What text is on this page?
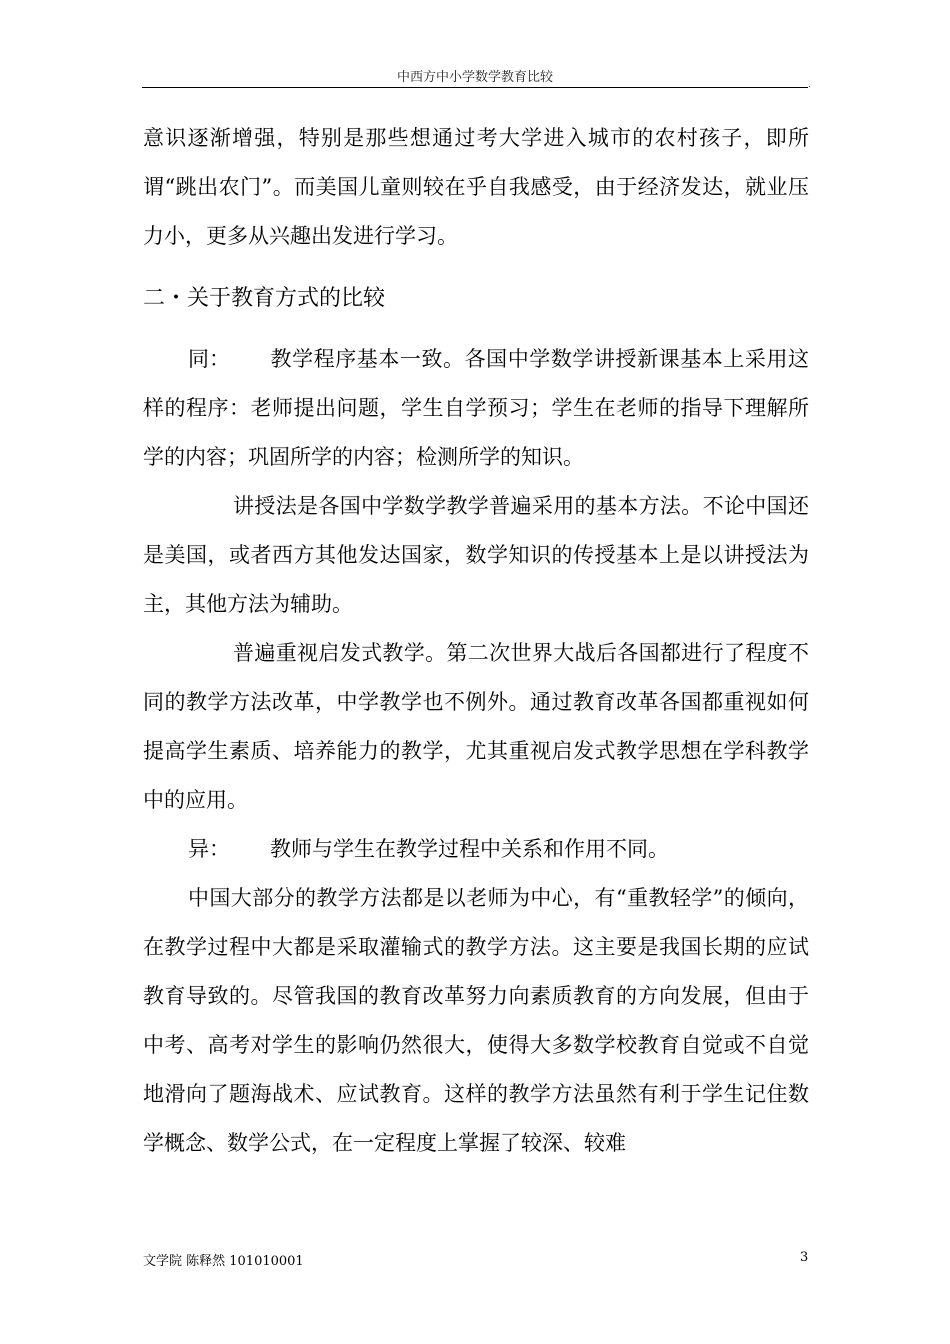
中西方中小学数学教育比较	.

意识逐渐增强，特别是那些想通过考大学进入城市的农村孩子，即所谓“跳出农门”。而美国儿童则较在乎自我感受，由于经济发达，就业压力小，更多从兴趣出发进行学习。

二・关于教育方式的比较

同： 教学程序基本一致。各国中学数学讲授新课基本上采用这样的程序：老师提出问题，学生自学预习；学生在老师的指导下理解所学的内容；巩固所学的内容；检测所学的知识。

讲授法是各国中学数学教学普遍采用的基本方法。不论中国还是美国，或者西方其他发达国家，数学知识的传授基本上是以讲授法为主，其他方法为辅助。

普遍重视启发式教学。第二次世界大战后各国都进行了程度不同的教学方法改革，中学教学也不例外。通过教育改革各国都重视如何提高学生素质、培养能力的教学，尤其重视启发式教学思想在学科教学中的应用。

异： 教师与学生在教学过程中关系和作用不同。

中国大部分的教学方法都是以老师为中心，有“重教轻学”的倾向，在教学过程中大都是采取灌输式的教学方法。这主要是我国长期的应试教育导致的。尽管我国的教育改革努力向素质教育的方向发展，但由于中考、高考对学生的影响仍然很大，使得大多数学校教育自觉或不自觉地滑向了题海战术、应试教育。这样的教学方法虽然有利于学生记住数学概念、数学公式，在一定程度上掌握了较深、较难

文学院 陈释然 101010001	3
